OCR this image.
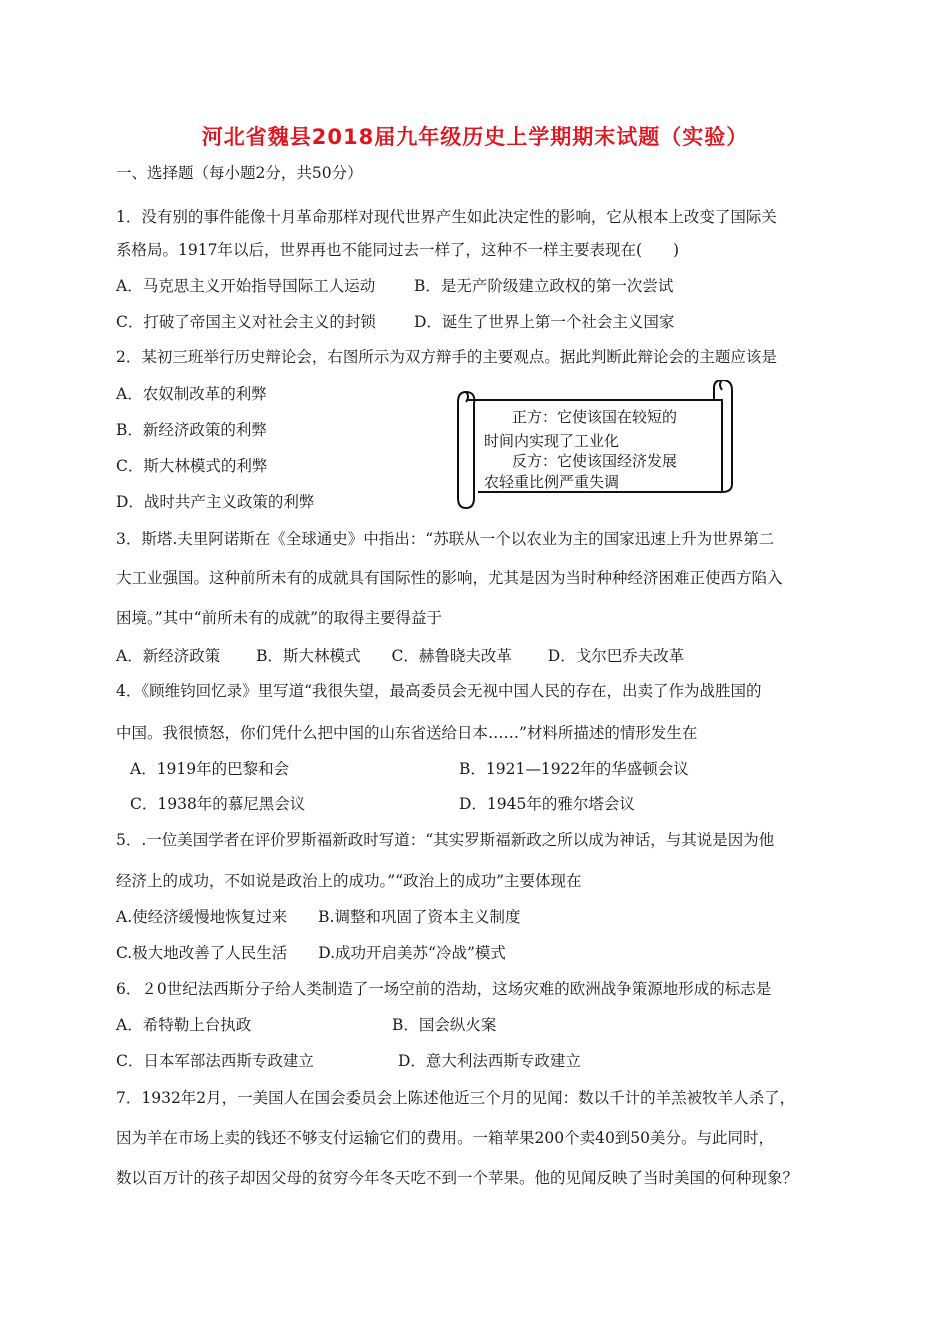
河北省魏县2018届九年级历史上学期期末试题（实验）
一、选择题（每小题2分，共50分）
1．没有别的事件能像十月革命那样对现代世界产生如此决定性的影响，它从根本上改变了国际关
系格局。1917年以后，世界再也不能同过去一样了，这种不一样主要表现在(　　)
A．马克思主义开始指导国际工人运动	B．是无产阶级建立政权的第一次尝试
C．打破了帝国主义对社会主义的封锁 D．诞生了世界上第一个社会主义国家
2．某初三班举行历史辩论会，右图所示为双方辩手的主要观点。据此判断此辩论会的主题应该是
A．农奴制改革的利弊
B．新经济政策的利弊
C．斯大林模式的利弊
D．战时共产主义政策的利弊
正方：它使该国在较短的
时间内实现了工业化
反方：它使该国经济发展
农轻重比例严重失调
3．斯塔.夫里阿诺斯在《全球通史》中指出：“苏联从一个以农业为主的国家迅速上升为世界第二
大工业强国。这种前所未有的成就具有国际性的影响，尤其是因为当时种种经济困难正使西方陷入
困境。”其中“前所未有的成就”的取得主要得益于
A．新经济政策　　 B．斯大林模式　　C．赫鲁晓夫改革　　 D．戈尔巴乔夫改革
4．《顾维钧回忆录》里写道“我很失望，最高委员会无视中国人民的存在，出卖了作为战胜国的
中国。我很愤怒，你们凭什么把中国的山东省送给日本……”材料所描述的情形发生在
A．1919年的巴黎和会	B．1921—1922年的华盛顿会议
C．1938年的慕尼黑会议	D．1945年的雅尔塔会议
5．.一位美国学者在评价罗斯福新政时写道：“其实罗斯福新政之所以成为神话，与其说是因为他
经济上的成功，不如说是政治上的成功。”“政治上的成功”主要体现在
A.使经济缓慢地恢复过来　　B.调整和巩固了资本主义制度
C.极大地改善了人民生活　　D.成功开启美苏“冷战”模式
6．２0世纪法西斯分子给人类制造了一场空前的浩劫，这场灾难的欧洲战争策源地形成的标志是
A．希特勒上台执政	B．国会纵火案
C．日本军部法西斯专政建立	D．意大利法西斯专政建立
7．1932年2月，一美国人在国会委员会上陈述他近三个月的见闻：数以千计的羊羔被牧羊人杀了，
因为羊在市场上卖的钱还不够支付运输它们的费用。一箱苹果200个卖40到50美分。与此同时，
数以百万计的孩子却因父母的贫穷今年冬天吃不到一个苹果。他的见闻反映了当时美国的何种现象？
